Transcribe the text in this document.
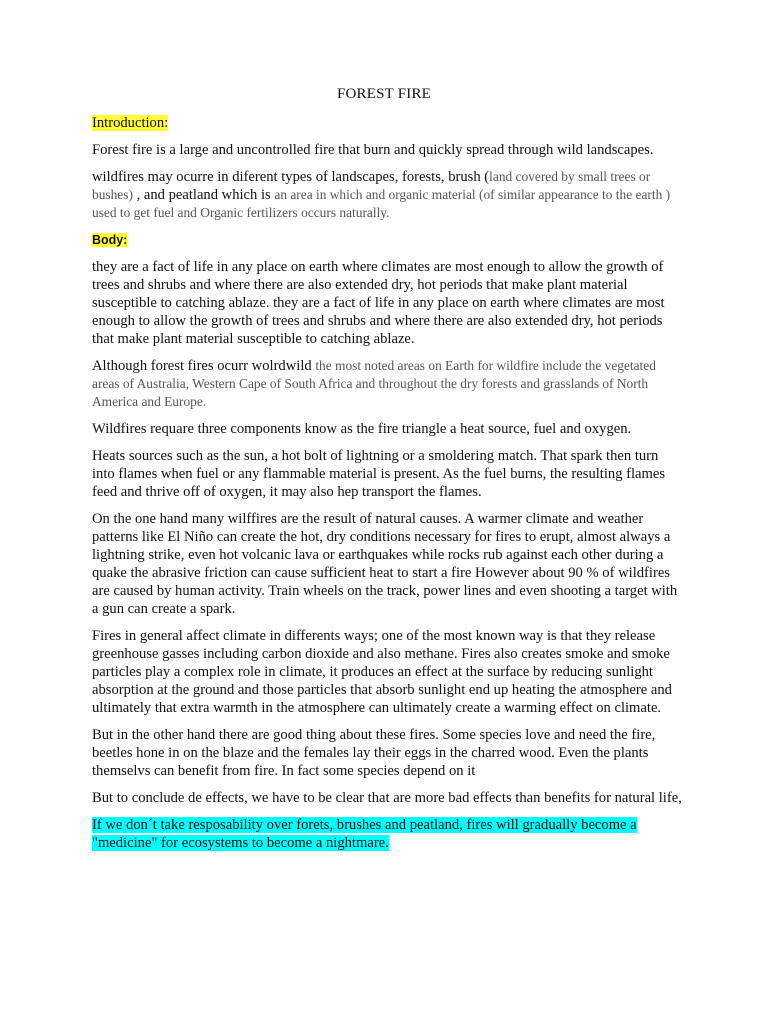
FOREST FIRE

Introduction:

Forest fire is a large and uncontrolled fire that burn and quickly spread through wild landscapes.

wildfires may ocurre in diferent types of landscapes, forests, brush (land covered by small trees or bushes) , and peatland which is an area in which and organic material (of similar appearance to the earth ) used to get fuel and Organic fertilizers occurs naturally.

Body:

they are a fact of life in any place on earth where climates are most enough to allow the growth of trees and shrubs and where there are also extended dry, hot periods that make plant material susceptible to catching ablaze. they are a fact of life in any place on earth where climates are most enough to allow the growth of trees and shrubs and where there are also extended dry, hot periods that make plant material susceptible to catching ablaze.

Although forest fires ocurr wolrdwild the most noted areas on Earth for wildfire include the vegetated areas of Australia, Western Cape of South Africa and throughout the dry forests and grasslands of North America and Europe.

Wildfires requare three components know as the fire triangle a heat source, fuel and oxygen.

Heats sources such as the sun, a hot bolt of lightning or a smoldering match. That spark then turn into flames when fuel or any flammable material is present. As the fuel burns, the resulting flames feed and thrive off of oxygen, it may also hep transport the flames.

On the one hand many wilffires are the result of natural causes. A warmer climate and weather patterns like El Niño can create the hot, dry conditions necessary for fires to erupt, almost always a lightning strike, even hot volcanic lava or earthquakes while rocks rub against each other during a quake the abrasive friction can cause sufficient heat to start a fire However about 90 % of wildfires are caused by human activity. Train wheels on the track, power lines and even shooting a target with a gun can create a spark.

Fires in general affect climate in differents ways; one of the most known way is that they release greenhouse gasses including carbon dioxide and also methane. Fires also creates smoke and smoke particles play a complex role in climate, it produces an effect at the surface by reducing sunlight absorption at the ground and those particles that absorb sunlight end up heating the atmosphere and ultimately that extra warmth in the atmosphere can ultimately create a warming effect on climate.

But in the other hand there are good thing about these fires. Some species love and need the fire, beetles hone in on the blaze and the females lay their eggs in the charred wood. Even the plants themselvs can benefit from fire. In fact some species depend on it

But to conclude de effects, we have to be clear that are more bad effects than benefits for natural life,

If we don´t take resposability over forets, brushes and peatland, fires will gradually become a "medicine" for ecosystems to become a nightmare.
